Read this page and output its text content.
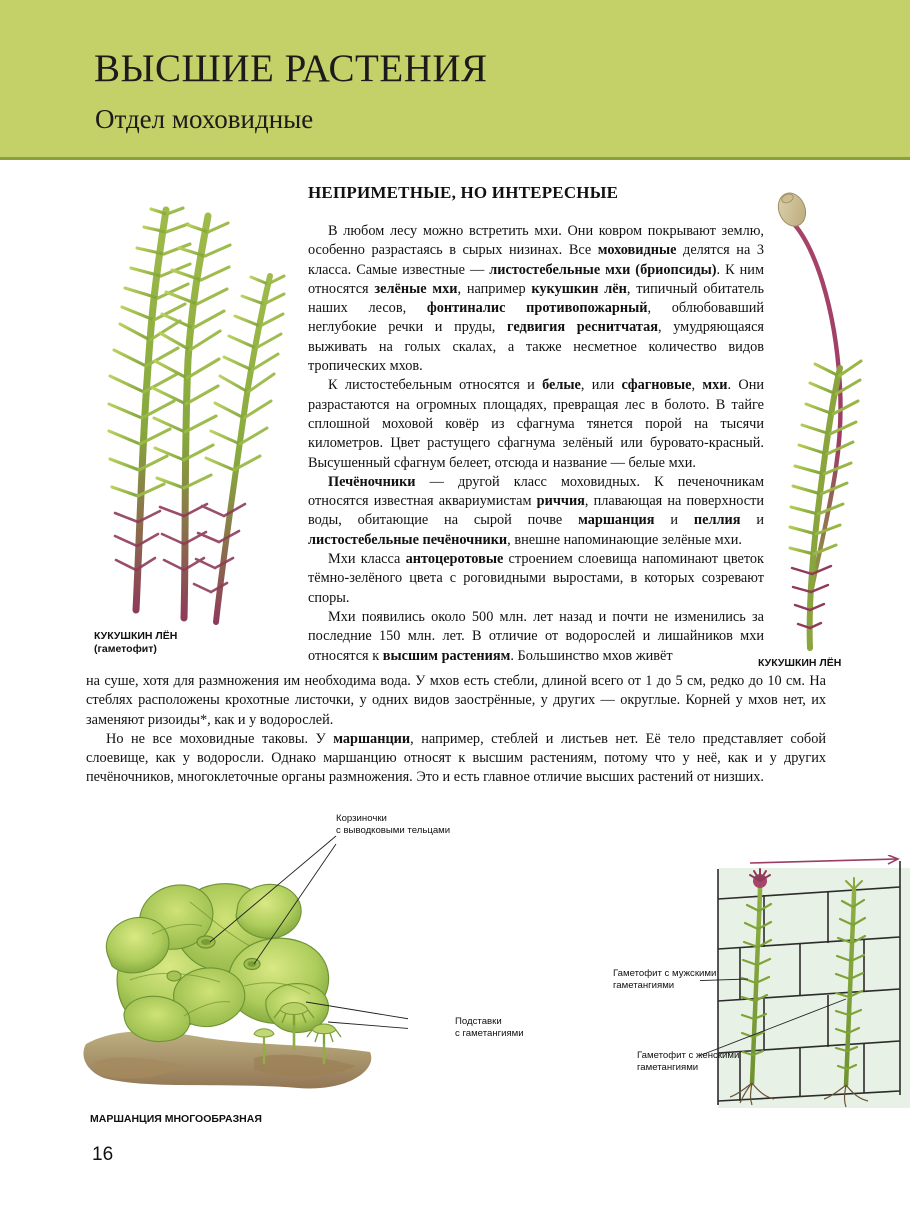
ВЫСШИЕ РАСТЕНИЯ
Отдел моховидные
НЕПРИМЕТНЫЕ, НО ИНТЕРЕСНЫЕ

В любом лесу можно встретить мхи. Они ковром покрывают землю, особенно разрастаясь в сырых низинах. Все моховидные делятся на 3 класса. Самые известные — листостебельные мхи (бриопсиды). К ним относятся зелёные мхи, например кукушкин лён, типичный обитатель наших лесов, фонтиналис противопожарный, облюбовавший неглубокие речки и пруды, гедвигия реснитчатая, умудряющаяся выживать на голых скалах, а также несметное количество видов тропических мхов.

К листостебельным относятся и белые, или сфагновые, мхи. Они разрастаются на огромных площадях, превращая лес в болото. В тайге сплошной моховой ковёр из сфагнума тянется порой на тысячи километров. Цвет растущего сфагнума зелёный или буровато-красный. Высушенный сфагнум белеет, отсюда и название — белые мхи.

Печёночники — другой класс моховидных. К печеночникам относятся известная аквариумистам риччия, плавающая на поверхности воды, обитающие на сырой почве маршанция и пеллия и листостебельные печёночники, внешне напоминающие зелёные мхи.

Мхи класса антоцеротовые строением слоевища напоминают цветок тёмно-зелёного цвета с роговидными выростами, в которых созревают споры.

Мхи появились около 500 млн. лет назад и почти не изменились за последние 150 млн. лет. В отличие от водорослей и лишайников мхи относятся к высшим растениям. Большинство мхов живёт

на суше, хотя для размножения им необходима вода. У мхов есть стебли, длиной всего от 1 до 5 см, редко до 10 см. На стеблях расположены крохотные листочки, у одних видов заострённые, у других — округлые. Корней у мхов нет, их заменяют ризоиды*, как и у водорослей.

Но не все моховидные таковы. У маршанции, например, стеблей и листьев нет. Её тело представляет собой слоевище, как у водоросли. Однако маршанцию относят к высшим растениям, потому что у неё, как и у других печёночников, многоклеточные органы размножения. Это и есть главное отличие высших растений от низших.

КУКУШКИН ЛЁН
(гаметофит)
КУКУШКИН ЛЁН
МАРШАНЦИЯ МНОГООБРАЗНАЯ
Корзиночки
с выводковыми тельцами
Подставки
с гаметангиями
Гаметофит с мужскими
гаметангиями
Гаметофит с женскими
гаметангиями
16
